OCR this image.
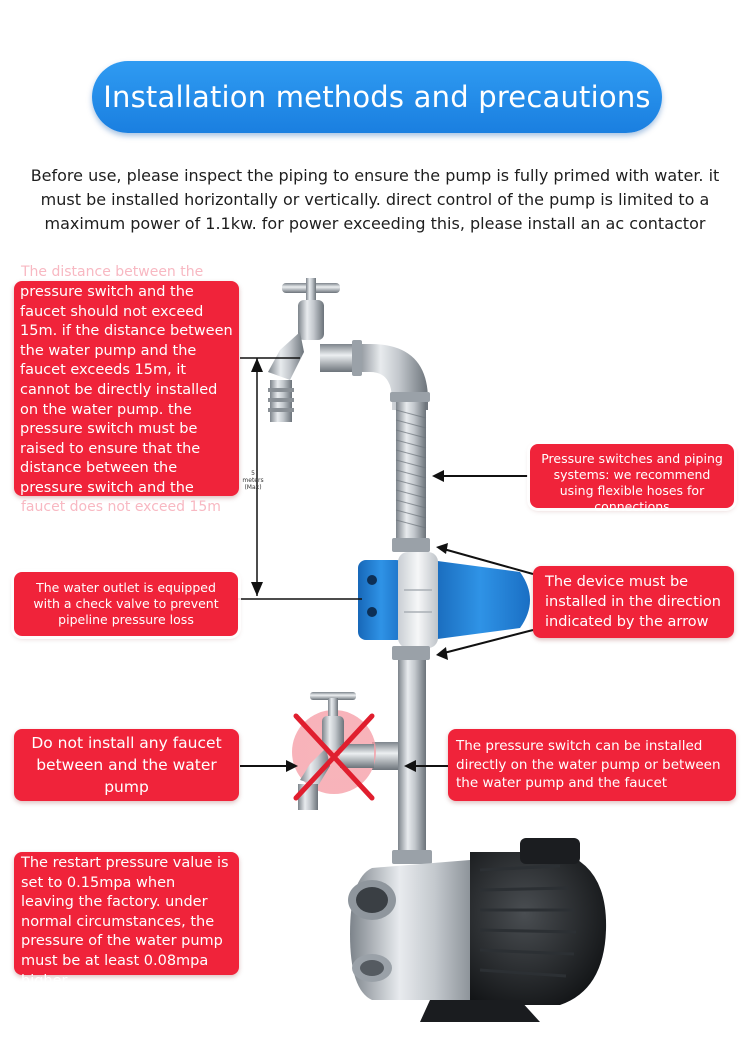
Installation methods and precautions
Before use, please inspect the piping to ensure the pump is fully primed with water. it must be installed horizontally or vertically. direct control of the pump is limited to a maximum power of 1.1kw. for power exceeding this, please install an ac contactor
5
meters
(Max)
The distance between the
pressure switch and the faucet should not exceed 15m. if the distance between the water pump and the faucet exceeds 15m, it cannot be directly installed on the water pump. the pressure switch must be raised to ensure that the distance between the pressure switch and the
faucet does not exceed 15m
Pressure switches and piping systems: we recommend using flexible hoses for connections
The water outlet is equipped with a check valve to prevent pipeline pressure loss
The device must be installed in the direction indicated by the arrow
Do not install any faucet between and the water pump
The pressure switch can be installed directly on the water pump or between the water pump and the faucet
The restart pressure value is set to 0.15mpa when leaving the factory. under normal circumstances, the pressure of the water pump must be at least 0.08mpa higher
